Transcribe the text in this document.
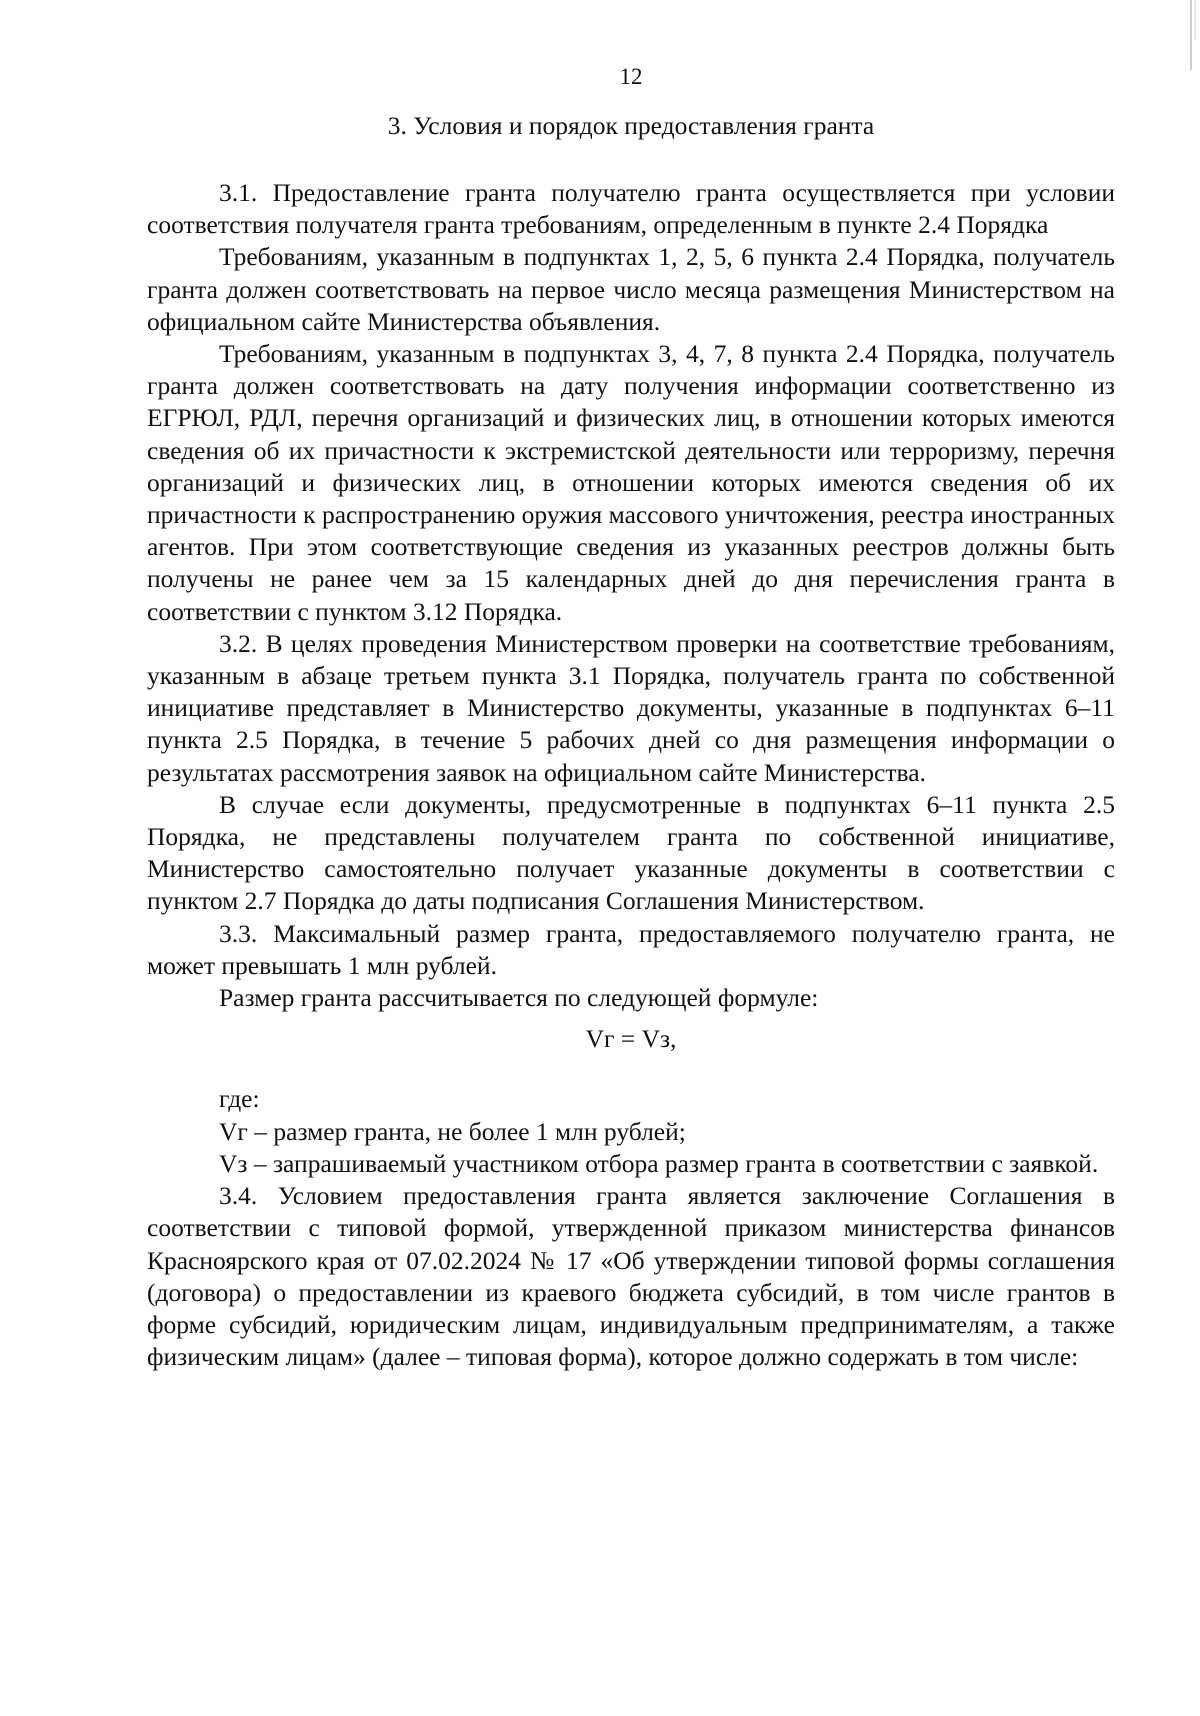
12
3. Условия и порядок предоставления гранта

3.1. Предоставление гранта получателю гранта осуществляется при условии соответствия получателя гранта требованиям, определенным в пункте 2.4 Порядка

Требованиям, указанным в подпунктах 1, 2, 5, 6 пункта 2.4 Порядка, получатель гранта должен соответствовать на первое число месяца размещения Министерством на официальном сайте Министерства объявления.

Требованиям, указанным в подпунктах 3, 4, 7, 8 пункта 2.4 Порядка, получатель гранта должен соответствовать на дату получения информации соответственно из ЕГРЮЛ, РДЛ, перечня организаций и физических лиц, в отношении которых имеются сведения об их причастности к экстремистской деятельности или терроризму, перечня организаций и физических лиц, в отношении которых имеются сведения об их причастности к распространению оружия массового уничтожения, реестра иностранных агентов. При этом соответствующие сведения из указанных реестров должны быть получены не ранее чем за 15 календарных дней до дня перечисления гранта в соответствии с пунктом 3.12 Порядка.

3.2. В целях проведения Министерством проверки на соответствие требованиям, указанным в абзаце третьем пункта 3.1 Порядка, получатель гранта по собственной инициативе представляет в Министерство документы, указанные в подпунктах 6–11 пункта 2.5 Порядка, в течение 5 рабочих дней со дня размещения информации о результатах рассмотрения заявок на официальном сайте Министерства.

В случае если документы, предусмотренные в подпунктах 6–11 пункта 2.5 Порядка, не представлены получателем гранта по собственной инициативе, Министерство самостоятельно получает указанные документы в соответствии с пунктом 2.7 Порядка до даты подписания Соглашения Министерством.

3.3. Максимальный размер гранта, предоставляемого получателю гранта, не может превышать 1 млн рублей.

Размер гранта рассчитывается по следующей формуле:

Vг = Vз,

где:

Vг – размер гранта, не более 1 млн рублей;

Vз – запрашиваемый участником отбора размер гранта в соответствии с заявкой.

3.4. Условием предоставления гранта является заключение Соглашения в соответствии с типовой формой, утвержденной приказом министерства финансов Красноярского края от 07.02.2024 № 17 «Об утверждении типовой формы соглашения (договора) о предоставлении из краевого бюджета субсидий, в том числе грантов в форме субсидий, юридическим лицам, индивидуальным предпринимателям, а также физическим лицам» (далее – типовая форма), которое должно содержать в том числе:
